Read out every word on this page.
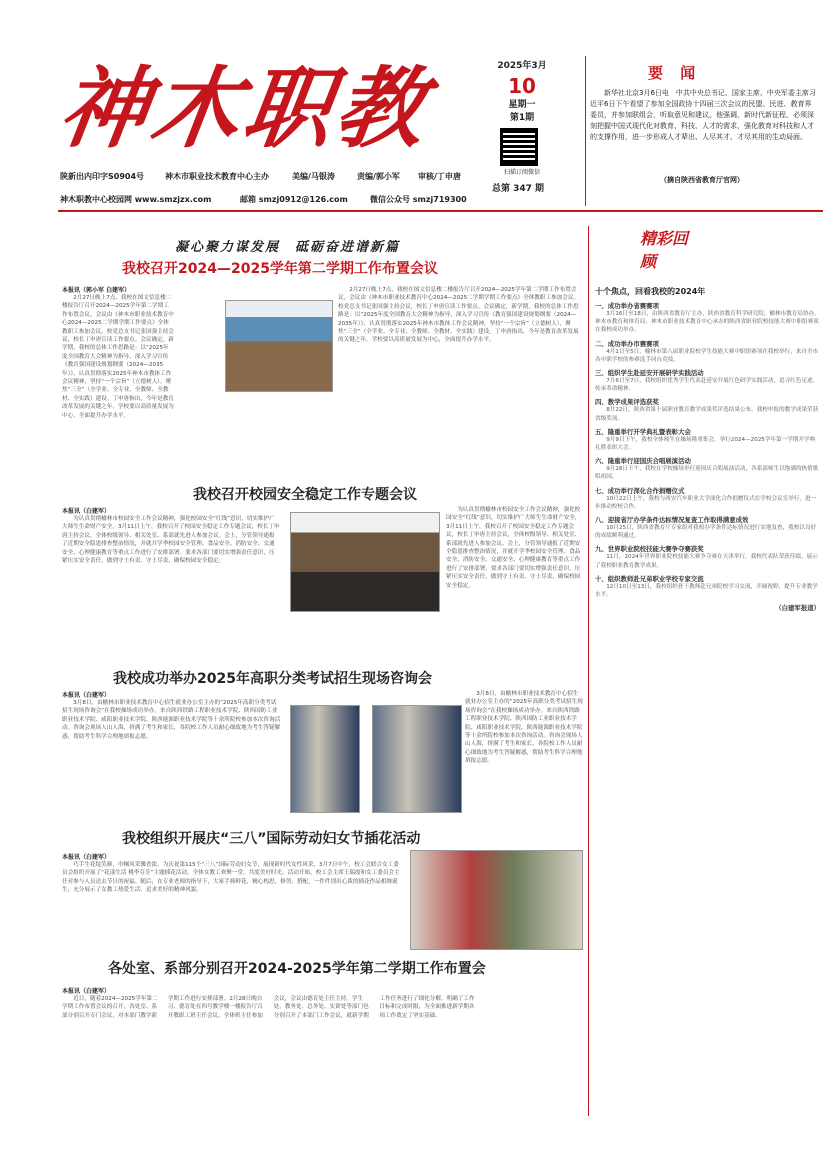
神木职教	2025年3月
10
星期一
第1期
扫描订阅微信
总第 347 期
陕新出内印字S0904号	神木市职业技术教育中心主办	美编/马银涛	责编/郭小军 审核/丁申唐
神木职教中心校园网 www.smzjzx.com	邮箱 smzj0912@126.com	微信公众号 smzj719300
要 闻
新华社北京3月6日电　中共中央总书记、国家主席、中央军委主席习近平6日下午看望了参加全国政协十四届三次会议的民盟、民进、教育界委员，并参加联组会，听取意见和建议。他强调，新时代新征程，必须深刻把握中国式现代化对教育、科技、人才的需求，强化教育对科技和人才的支撑作用，进一步形成人才辈出、人尽其才、才尽其用的生动局面。
（摘自陕西省教育厅官网）
凝心聚力谋发展　砥砺奋进谱新篇
我校召开2024—2025学年第二学期工作布置会议
本报讯（郭小军 白建军）
2月27日晚上7点，我校在图文信息楼二楼报告厅召开2024—2025学年第二学期工作布置会议，会议由《神木市职业技术教育中心2024—2025二学期学期工作要点》全体教职工参加会议。校党总支书记张国强主持会议，校长丁申唐宣读工作要点。会议确定，新学期，我校的总体工作思路是：以“2025年度全国教育大会精神为指导，深入学习宣传《教育强国建设规划纲要（2024—2035年）》，认真贯彻落实2025年神木市教体工作会议精神，坚持“一个宗旨”（立德树人），聚焦“三全”（全学业、全专业、全教师、全教材、全实践）建设。丁申唐指出，今年是教育改革发展的关键之年，学校要以高质量发展为中心，全面提升办学水平。
2月27日晚上7点，我校在图文信息楼二楼报告厅召开2024—2025学年第二学期工作布置会议，会议由《神木市职业技术教育中心2024—2025二学期学期工作要点》全体教职工参加会议。校党总支书记张国强主持会议，校长丁申唐宣读工作要点。会议确定，新学期，我校的总体工作思路是：以“2025年度全国教育大会精神为指导，深入学习宣传《教育强国建设规划纲要（2024—2035年）》，认真贯彻落实2025年神木市教体工作会议精神，坚持“一个宗旨”（立德树人），聚焦“三全”（全学业、全专业、全教师、全教材、全实践）建设。丁申唐指出，今年是教育改革发展的关键之年，学校要以高质量发展为中心，全面提升办学水平。
我校召开校园安全稳定工作专题会议
本报讯（白建军）
为认真贯彻榆林市校园安全工作会议精神，强化校园安全“红线”意识，切实维护广大师生生命财产安全，3月11日上午，我校召开了校园安全稳定工作专题会议，校长丁申唐主持会议，全体校级领导、相关处室、系部就先进人参加会议。会上，分管领导通报了近期安全隐患排查整治情况，并就开学季校园安全管理、食品安全、消防安全、交通安全、心理健康教育等重点工作进行了安排部署。要求各部门要切实增强责任意识，压紧压实安全责任，做到守土有责、守土尽责，确保校园安全稳定。
为认真贯彻榆林市校园安全工作会议精神，强化校园安全“红线”意识，切实维护广大师生生命财产安全，3月11日上午，我校召开了校园安全稳定工作专题会议，校长丁申唐主持会议，全体校级领导、相关处室、系部就先进人参加会议。会上，分管领导通报了近期安全隐患排查整治情况，并就开学季校园安全管理、食品安全、消防安全、交通安全、心理健康教育等重点工作进行了安排部署。要求各部门要切实增强责任意识，压紧压实安全责任，做到守土有责、守土尽责，确保校园安全稳定。
我校成功举办2025年高职分类考试招生现场咨询会
本报讯（白建军）
3月8日，由榆林市职业技术教育中心招生就业办公室主办的“2025年高职分类考试招生现场咨询会”在我校操场成功举办。来自陕西铁路工程职业技术学院、陕西国防工业职业技术学院、咸阳职业技术学院、陕西能源职业技术学院等十余所院校参加本次咨询活动。咨询会现场人山人海，挤满了考生和家长，各院校工作人员耐心细致地为考生答疑解惑，帮助考生科学合理地填报志愿。
3月8日，由榆林市职业技术教育中心招生就业办公室主办的“2025年高职分类考试招生现场咨询会”在我校操场成功举办。来自陕西铁路工程职业技术学院、陕西国防工业职业技术学院、咸阳职业技术学院、陕西能源职业技术学院等十余所院校参加本次咨询活动。咨询会现场人山人海，挤满了考生和家长，各院校工作人员耐心细致地为考生答疑解惑，帮助考生科学合理地填报志愿。
我校组织开展庆“三八”国际劳动妇女节插花活动
本报讯（白建军）
巧手生花绽笑颜，巾帼风采馨香浓。为庆祝第115个“三八”国际劳动妇女节，展现新时代女性风采，3月7日中午，校工会联合女工委员会组织开展了“花漾生活 桃李芬芳”主题插花活动，全体女教工欢聚一堂，共度美好时光。活动开始，校工会主席王瑞霞和女工委员会主任对参与人员送去节日的祝福。随后，在专业老师的指导下，大家手捧鲜花，精心构思，修剪、搭配，一件件别出心裁的插花作品相继诞生，充分展示了女教工热爱生活、追求美好的精神风貌。
各处室、系部分别召开2024-2025学年第二学期工作布置会
本报讯（白建军）
近日，随着2024—2025学年第二学期工作布置会议的召开，各处室、系部分别召开专门会议，对本部门教学新学期工作进行安排部署。2月28日晚自习，德育处在四号教学楼一楼报告厅召开教职工班主任会议，全体班主任参加会议，会议由德育处主任主持。学生处、教务处、总务处、实训处等部门也分别召开了本部门工作会议，就新学期工作任务进行了细化分解，明确了工作目标和完成时限，为全面推进新学期各项工作奠定了坚实基础。
精彩回顾
十个焦点，回看我校的2024年
一、成功举办省赛赛项
3月16日至18日，由陕西省教育厅主办，陕西省教育科学研究院、榆林市教育局协办，神木市教育和体育局、神木市职业技术教育中心承办的陕西省职业院校技能大赛中职组赛项在我校成功举办。
二、成功举办市赛赛项
4月1日至5日，榆林市第八届职业院校学生技能大赛中职组赛项在我校举行，来自全市各中职学校的参赛选手同台竞技。
三、组织学生赴延安开展研学实践活动
7月6日至7日，我校组织优秀学生代表赴延安开展红色研学实践活动，追寻红色足迹，传承革命精神。
四、教学成果评选获奖
8月22日，陕西省第十届职业教育教学成果奖评选结果公布，我校申报的教学成果荣获省级奖项。
五、隆重举行开学典礼暨表彰大会
9月9日下午，我校全体师生在操场隆重集会，举行2024—2025学年第一学期开学典礼暨表彰大会。
六、隆重举行迎国庆合唱展演活动
9月28日下午，我校在学校操场举行迎国庆合唱展演活动，各系部师生以饱满的热情歌唱祖国。
七、成功举行深化合作捐赠仪式
10月22日上午，我校与西安汽车职业大学深化合作捐赠仪式在学校会议室举行，进一步推动校校合作。
八、迎接省厅办学条件达标情况复查工作取得满意成效
10月25日，陕西省教育厅专家组对我校办学条件达标情况进行实地复查，我校以良好的成绩顺利通过。
九、世界职业院校技能大赛争夺赛获奖
11月，2024年世界职业院校技能大赛争夺赛在天津举行，我校代表队荣获佳绩，展示了我校职业教育教学成果。
十、组织教师赴兄弟职业学校专家交流
12月10日至13日，我校组织骨干教师赴兄弟院校学习交流，开阔视野，提升专业教学水平。
（白建军报道）
